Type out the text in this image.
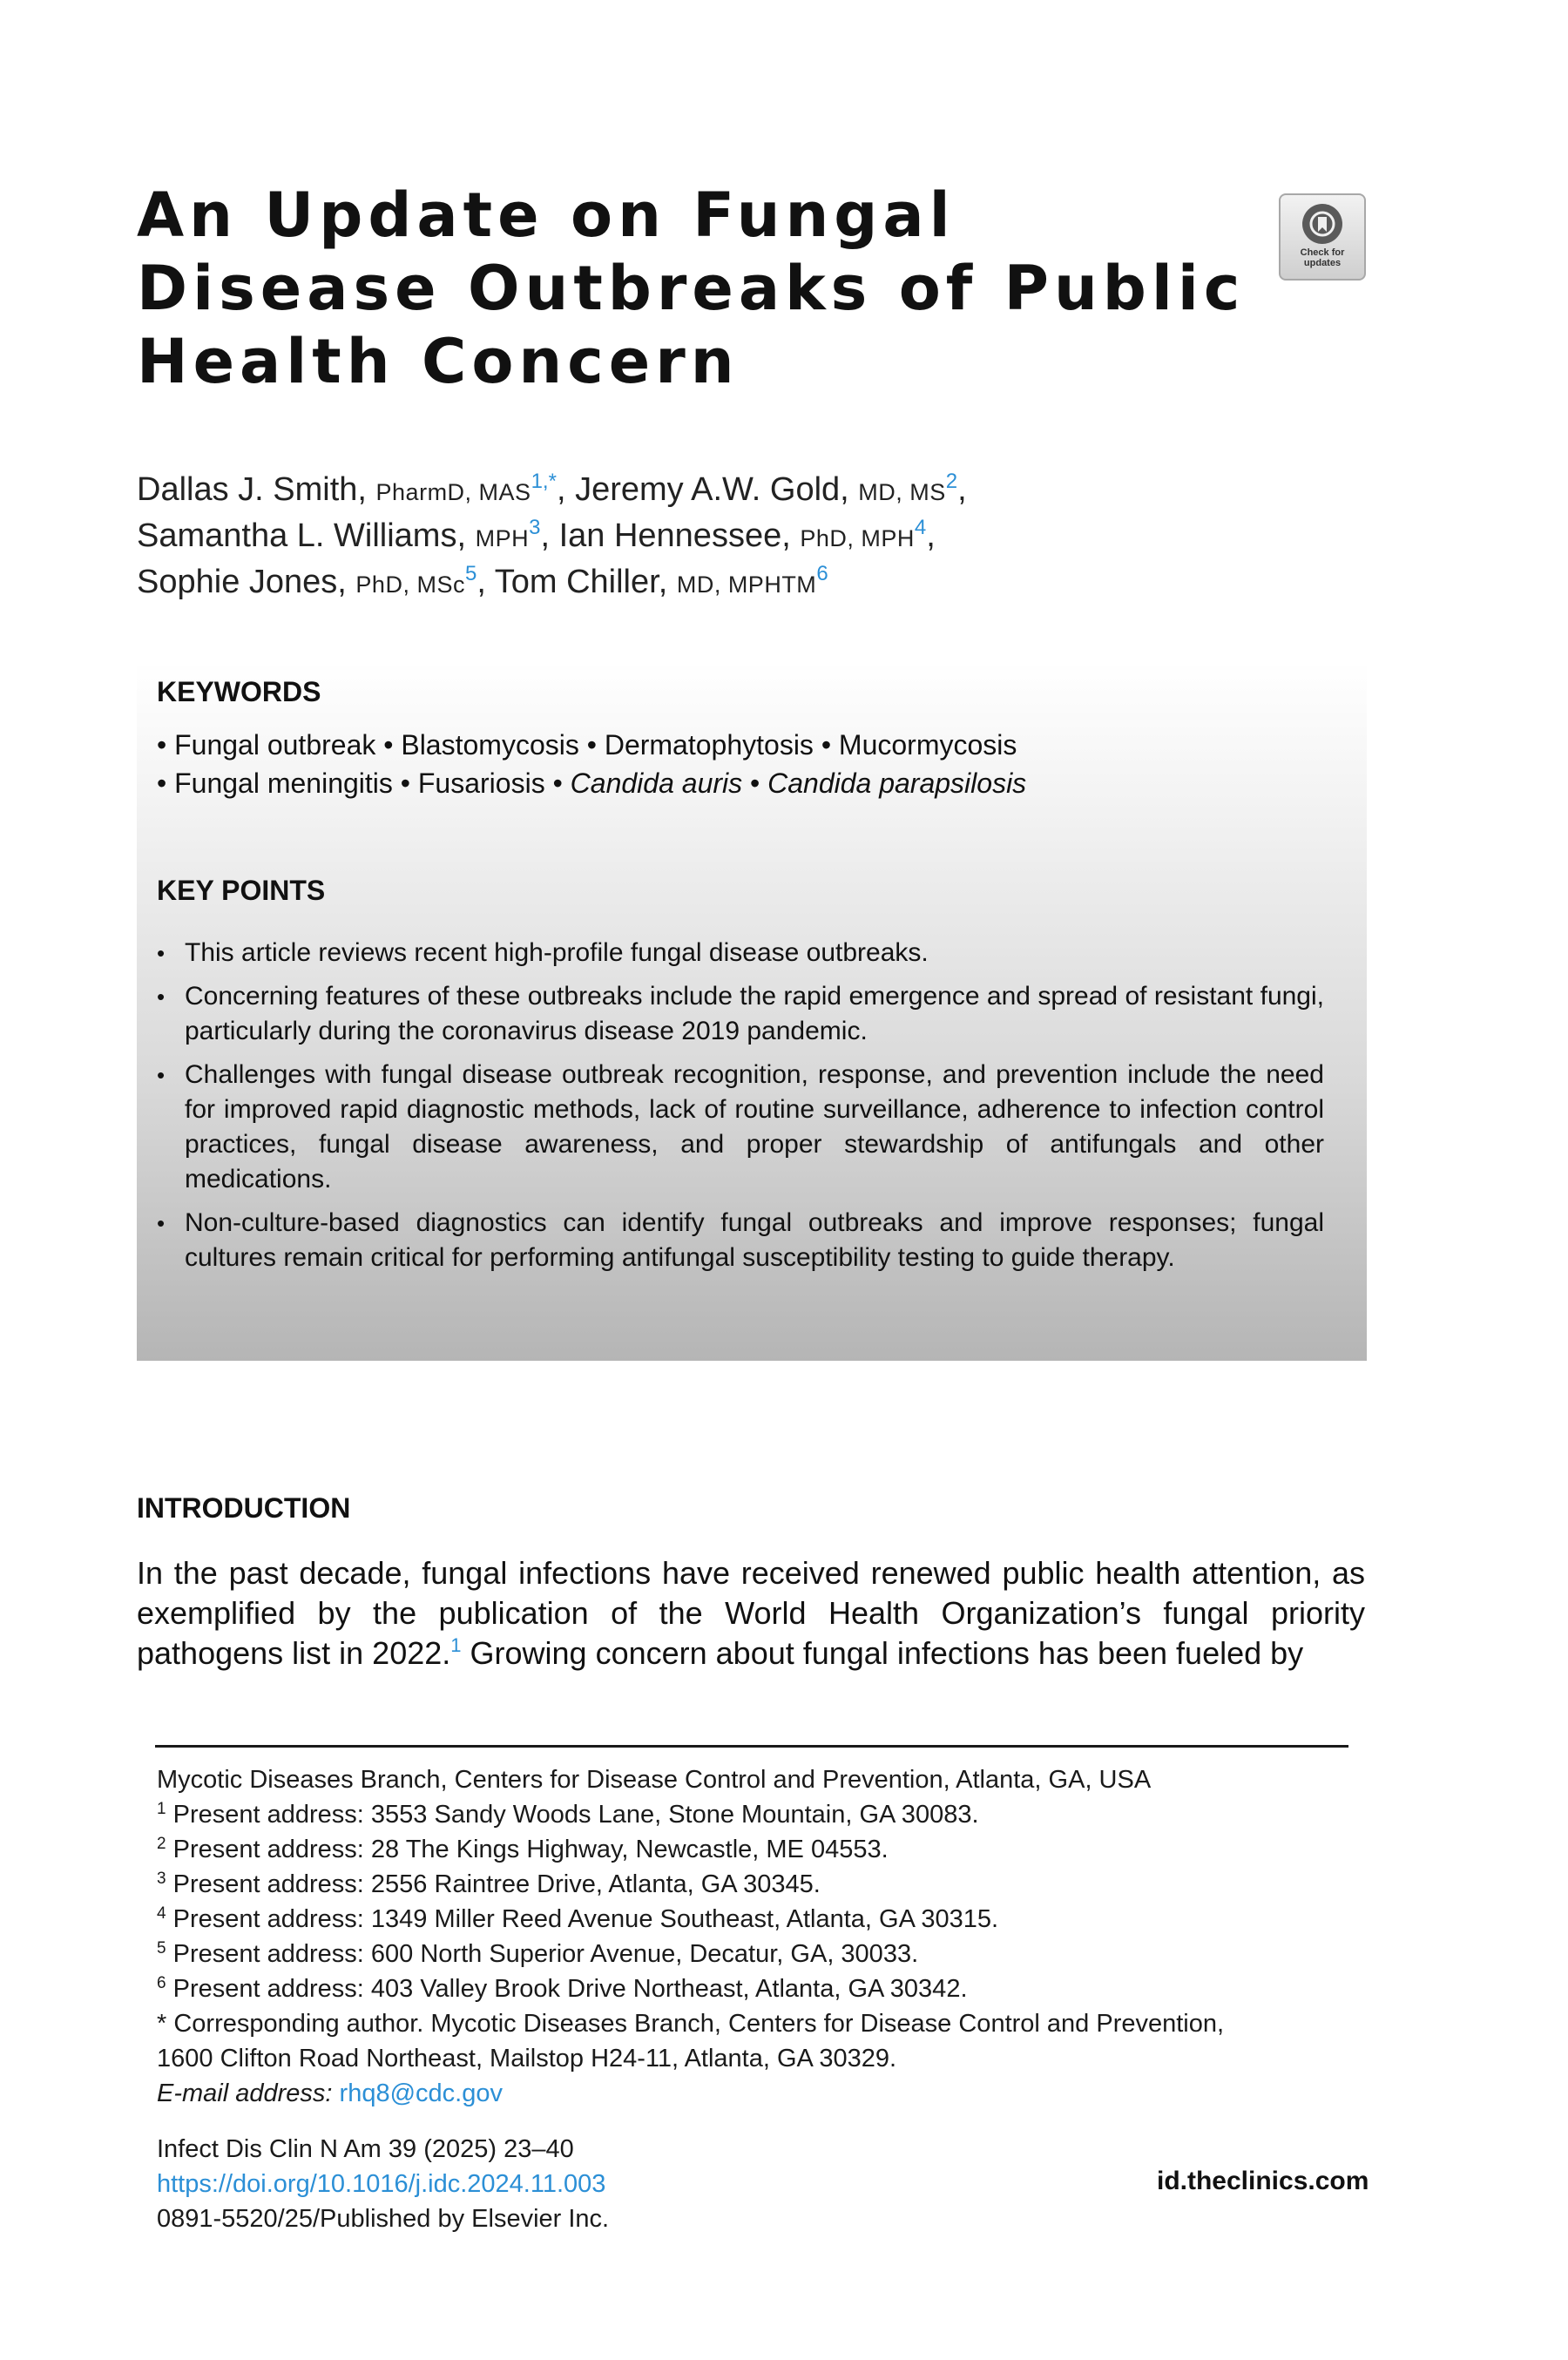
An Update on Fungal
Disease Outbreaks of Public
Health Concern
Check for
updates
Dallas J. Smith, PharmD, $MAS^{1,*}$, Jeremy A.W. Gold, MD, $MS^2$,
Samantha L. Williams, MPH$^3$, Ian Hennessee, PhD, MPH$^4$,
Sophie Jones, PhD, MSc$^5$, Tom Chiller, MD, MPHTM$^6$
KEYWORDS
• Fungal outbreak • Blastomycosis • Dermatophytosis • Mucormycosis
• Fungal meningitis • Fusariosis • Candida auris • Candida parapsilosis
KEY POINTS
• This article reviews recent high-profile fungal disease outbreaks.
• Concerning features of these outbreaks include the rapid emergence and spread of resistant fungi, particularly during the coronavirus disease 2019 pandemic.
• Challenges with fungal disease outbreak recognition, response, and prevention include the need for improved rapid diagnostic methods, lack of routine surveillance, adherence to infection control practices, fungal disease awareness, and proper stewardship of antifungals and other medications.
• Non-culture-based diagnostics can identify fungal outbreaks and improve responses; fungal cultures remain critical for performing antifungal susceptibility testing to guide therapy.
INTRODUCTION
In the past decade, fungal infections have received renewed public health attention, as exemplified by the publication of the World Health Organization’s fungal priority pathogens list in 2022.$^1$ Growing concern about fungal infections has been fueled by
Mycotic Diseases Branch, Centers for Disease Control and Prevention, Atlanta, GA, USA
$^1$ Present address: 3553 Sandy Woods Lane, Stone Mountain, GA 30083.
$^2$ Present address: 28 The Kings Highway, Newcastle, ME 04553.
$^3$ Present address: 2556 Raintree Drive, Atlanta, GA 30345.
$^4$ Present address: 1349 Miller Reed Avenue Southeast, Atlanta, GA 30315.
$^5$ Present address: 600 North Superior Avenue, Decatur, GA, 30033.
$^6$ Present address: 403 Valley Brook Drive Northeast, Atlanta, GA 30342.
* Corresponding author. Mycotic Diseases Branch, Centers for Disease Control and Prevention,
1600 Clifton Road Northeast, Mailstop H24-11, Atlanta, GA 30329.
E-mail address: rhq8@cdc.gov
Infect Dis Clin N Am 39 (2025) 23–40
https://doi.org/10.1016/j.idc.2024.11.003
0891-5520/25/Published by Elsevier Inc.
id.theclinics.com
